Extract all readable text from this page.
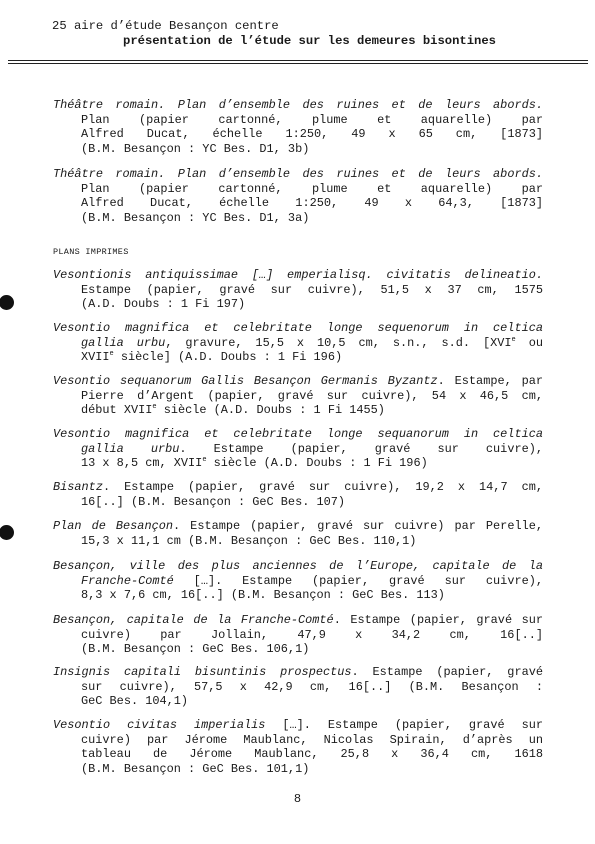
25 aire d’étude Besançon centre
présentation de l’étude sur les demeures bisontines
PLANS IMPRIMES
Théâtre romain. Plan d’ensemble des ruines et de leurs abords.
Plan (papier cartonné, plume et aquarelle) par
Alfred Ducat, échelle 1:250, 49 x 65 cm, [1873]
(B.M. Besançon : YC Bes. D1, 3b)
Théâtre romain. Plan d’ensemble des ruines et de leurs abords.
Plan (papier cartonné, plume et aquarelle) par
Alfred Ducat, échelle 1:250, 49 x 64,3, [1873]
(B.M. Besançon : YC Bes. D1, 3a)
Vesontionis antiquissimae […] emperialisq. civitatis delineatio.
Estampe (papier, gravé sur cuivre), 51,5 x 37 cm, 1575
(A.D. Doubs : 1 Fi 197)
Vesontio magnifica et celebritate longe sequenorum in celtica
gallia urbu, gravure, 15,5 x 10,5 cm, s.n., s.d. [XVIe ou
XVIIe siècle] (A.D. Doubs : 1 Fi 196)
Vesontio sequanorum Gallis Besançon Germanis Byzantz. Estampe, par
Pierre d’Argent (papier, gravé sur cuivre), 54 x 46,5 cm,
début XVIIe siècle (A.D. Doubs : 1 Fi 1455)
Vesontio magnifica et celebritate longe sequanorum in celtica
gallia urbu. Estampe (papier, gravé sur cuivre),
13 x 8,5 cm, XVIIe siècle (A.D. Doubs : 1 Fi 196)
Bisantz. Estampe (papier, gravé sur cuivre), 19,2 x 14,7 cm,
16[..] (B.M. Besançon : GeC Bes. 107)
Plan de Besançon. Estampe (papier, gravé sur cuivre) par Perelle,
15,3 x 11,1 cm (B.M. Besançon : GeC Bes. 110,1)
Besançon, ville des plus anciennes de l’Europe, capitale de la
Franche-Comté […]. Estampe (papier, gravé sur cuivre),
8,3 x 7,6 cm, 16[..] (B.M. Besançon : GeC Bes. 113)
Besançon, capitale de la Franche-Comté. Estampe (papier, gravé sur
cuivre) par Jollain, 47,9 x 34,2 cm, 16[..]
(B.M. Besançon : GeC Bes. 106,1)
Insignis capitali bisuntinis prospectus. Estampe (papier, gravé
sur cuivre), 57,5 x 42,9 cm, 16[..] (B.M. Besançon :
GeC Bes. 104,1)
Vesontio civitas imperialis […]. Estampe (papier, gravé sur
cuivre) par Jérome Maublanc, Nicolas Spirain, d’après un
tableau de Jérome Maublanc, 25,8 x 36,4 cm, 1618
(B.M. Besançon : GeC Bes. 101,1)
8
